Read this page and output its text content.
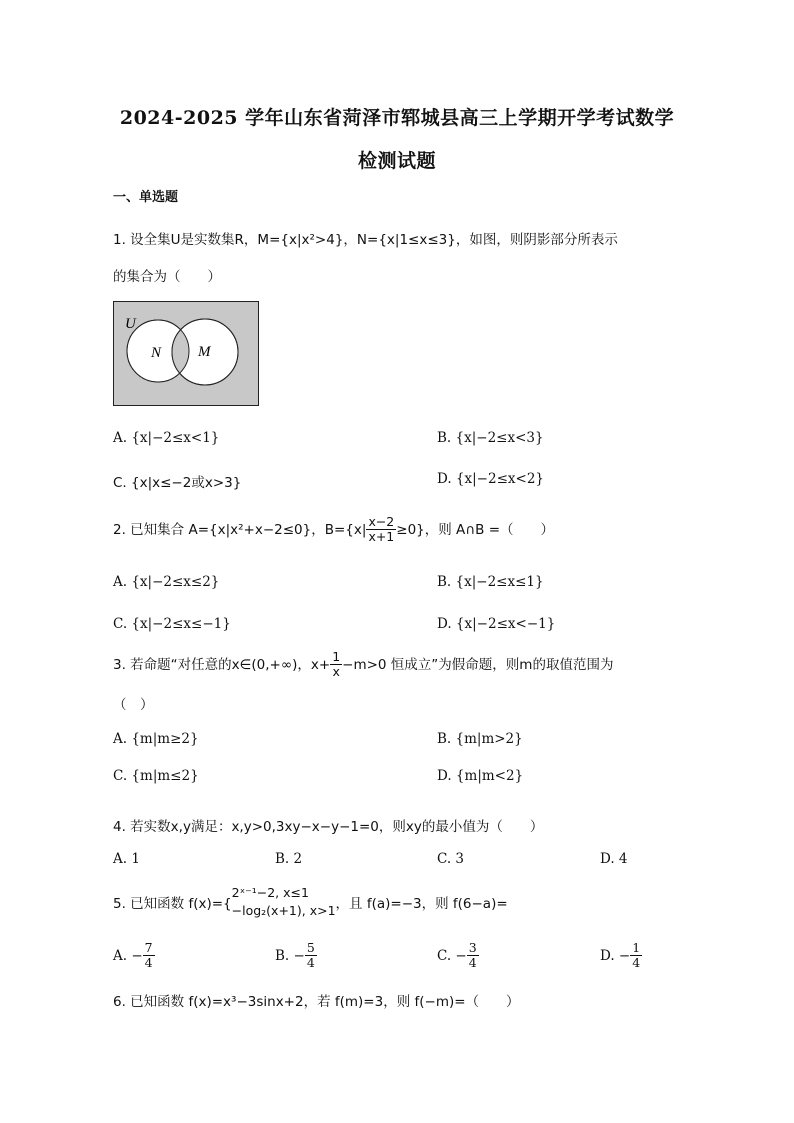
2024-2025 学年山东省菏泽市郓城县高三上学期开学考试数学
检测试题
一、单选题
1. 设全集U是实数集R，M={x|x²>4}，N={x|1≤x≤3}，如图，则阴影部分所表示
的集合为（　　）
U
N M
A. {x|−2≤x<1}	B. {x|−2≤x<3}
C. {x|x≤−2或x>3}	D. {x|−2≤x<2}
2. 已知集合 A={x|x²+x−2≤0}，$B=\{x| \frac{x-2}{x+1} \ge 0\}$，则 A∩B =（　　）
A. {x|−2≤x≤2}	B. {x|−2≤x≤1}
C. {x|−2≤x≤−1}	D. {x|−2≤x<−1}
3. 若命题“对任意的x∈(0,+∞)，$x+ \frac{1}{x} -m>0$ 恒成立”为假命题，则m的取值范围为
（　）
A. {m|m≥2}	B. {m|m>2}
C. {m|m≤2}	D. {m|m<2}
4. 若实数x,y满足：x,y>0,3xy−x−y−1=0，则xy的最小值为（　　）
A. 1	B. 2	C. 3	D. 4
5. 已知函数 f(x)={
2ˣ⁻¹−2, x≤1
−log₂(x+1), x>1 ，且 f(a)=−3，则 f(6−a)=
A. − $\frac{7}{4}$	B. − $\frac{5}{4}$	C. − $\frac{3}{4}$	D. − $\frac{1}{4}$
6. 已知函数 f(x)=x³−3sinx+2，若 f(m)=3，则 f(−m)=（　　）
